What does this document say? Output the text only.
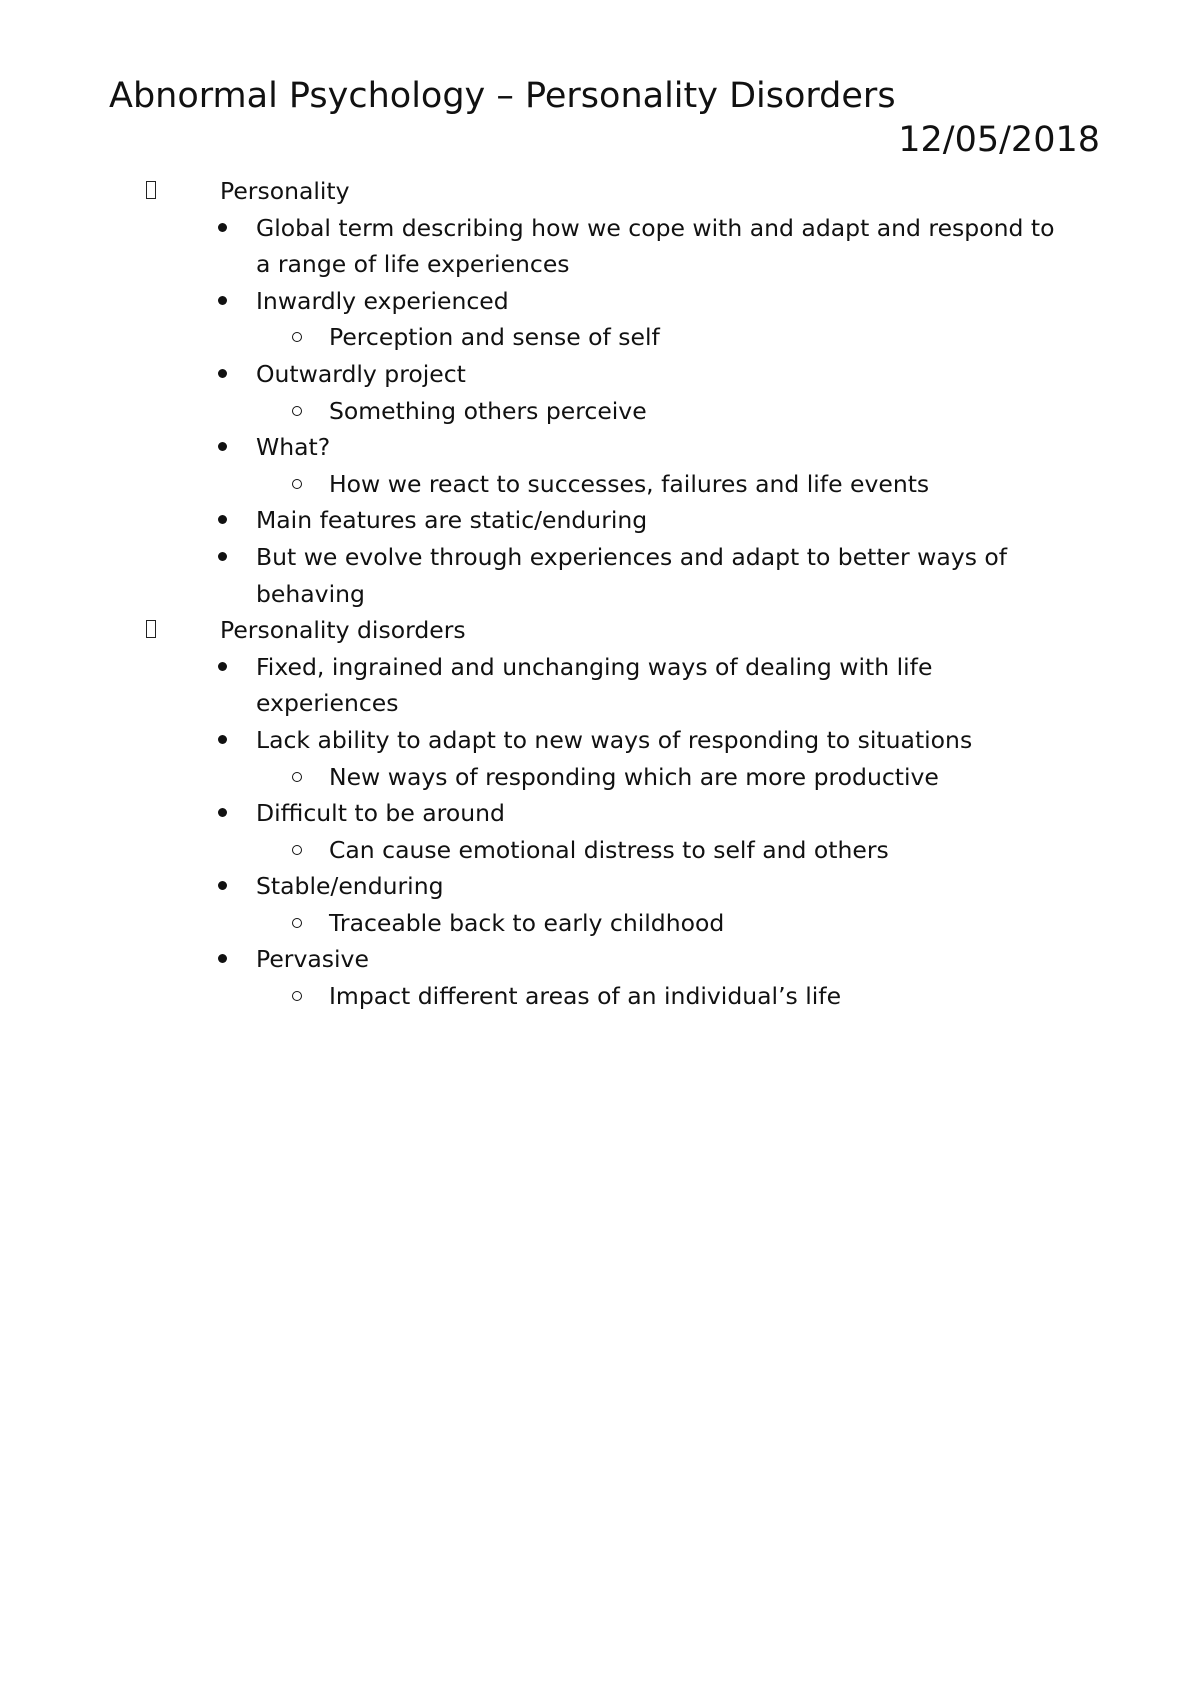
Abnormal Psychology – Personality Disorders
12/05/2018
Personality
Global term describing how we cope with and adapt and respond to a range of life experiences
Inwardly experienced
Perception and sense of self
Outwardly project
Something others perceive
What?
How we react to successes, failures and life events
Main features are static/enduring
But we evolve through experiences and adapt to better ways of behaving
Personality disorders
Fixed, ingrained and unchanging ways of dealing with life experiences
Lack ability to adapt to new ways of responding to situations
New ways of responding which are more productive
Difficult to be around
Can cause emotional distress to self and others
Stable/enduring
Traceable back to early childhood
Pervasive
Impact different areas of an individual’s life
